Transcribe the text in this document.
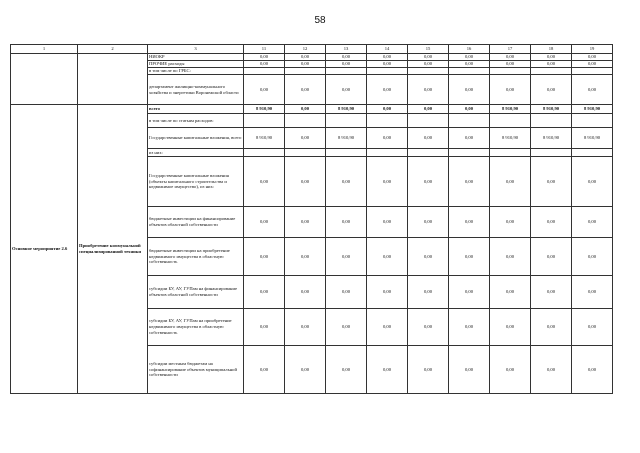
58
1	2	3	11	12	13	14	15	16	17	18	19
		НИОКР	0,00	0,00	0,00	0,00	0,00	0,00	0,00	0,00	0,00
		ПРОЧИЕ расходы	0,00	0,00	0,00	0,00	0,00	0,00	0,00	0,00	0,00
		в том числе по ГРБС:									
		департамент жилищно-коммунального хозяйства и энергетики Воронежской области	0,00	0,00	0,00	0,00	0,00	0,00	0,00	0,00	0,00
Основное мероприятие 2.6	Приобретение коммунальной специализированной техники	всего	8 910,90	0,00	8 910,90	0,00	0,00	0,00	8 910,90	8 910,90	8 910,90
		в том числе по статьям расходов:									
		Государственные капитальные вложения, всего	8 910,90	0,00	8 910,90	0,00	0,00	0,00	8 910,90	8 910,90	8 910,90
		из них:									
		Государственные капитальные вложения (объекты капитального строительства и недвижимое имущество), из них:	0,00	0,00	0,00	0,00	0,00	0,00	0,00	0,00	0,00
		бюджетные инвестиции на финансирование объектов областной собственности	0,00	0,00	0,00	0,00	0,00	0,00	0,00	0,00	0,00
		бюджетные инвестиции на приобретение недвижимого имущества в областную собственность	0,00	0,00	0,00	0,00	0,00	0,00	0,00	0,00	0,00
		субсидии БУ, АУ, ГУПам на финансирование объектов областной собственности	0,00	0,00	0,00	0,00	0,00	0,00	0,00	0,00	0,00
		субсидии БУ, АУ, ГУПам на приобретение недвижимого имущества в областную собственность	0,00	0,00	0,00	0,00	0,00	0,00	0,00	0,00	0,00
		субсидии местным бюджетам на софинансирование объектов муниципальной собственности	0,00	0,00	0,00	0,00	0,00	0,00	0,00	0,00	0,00
